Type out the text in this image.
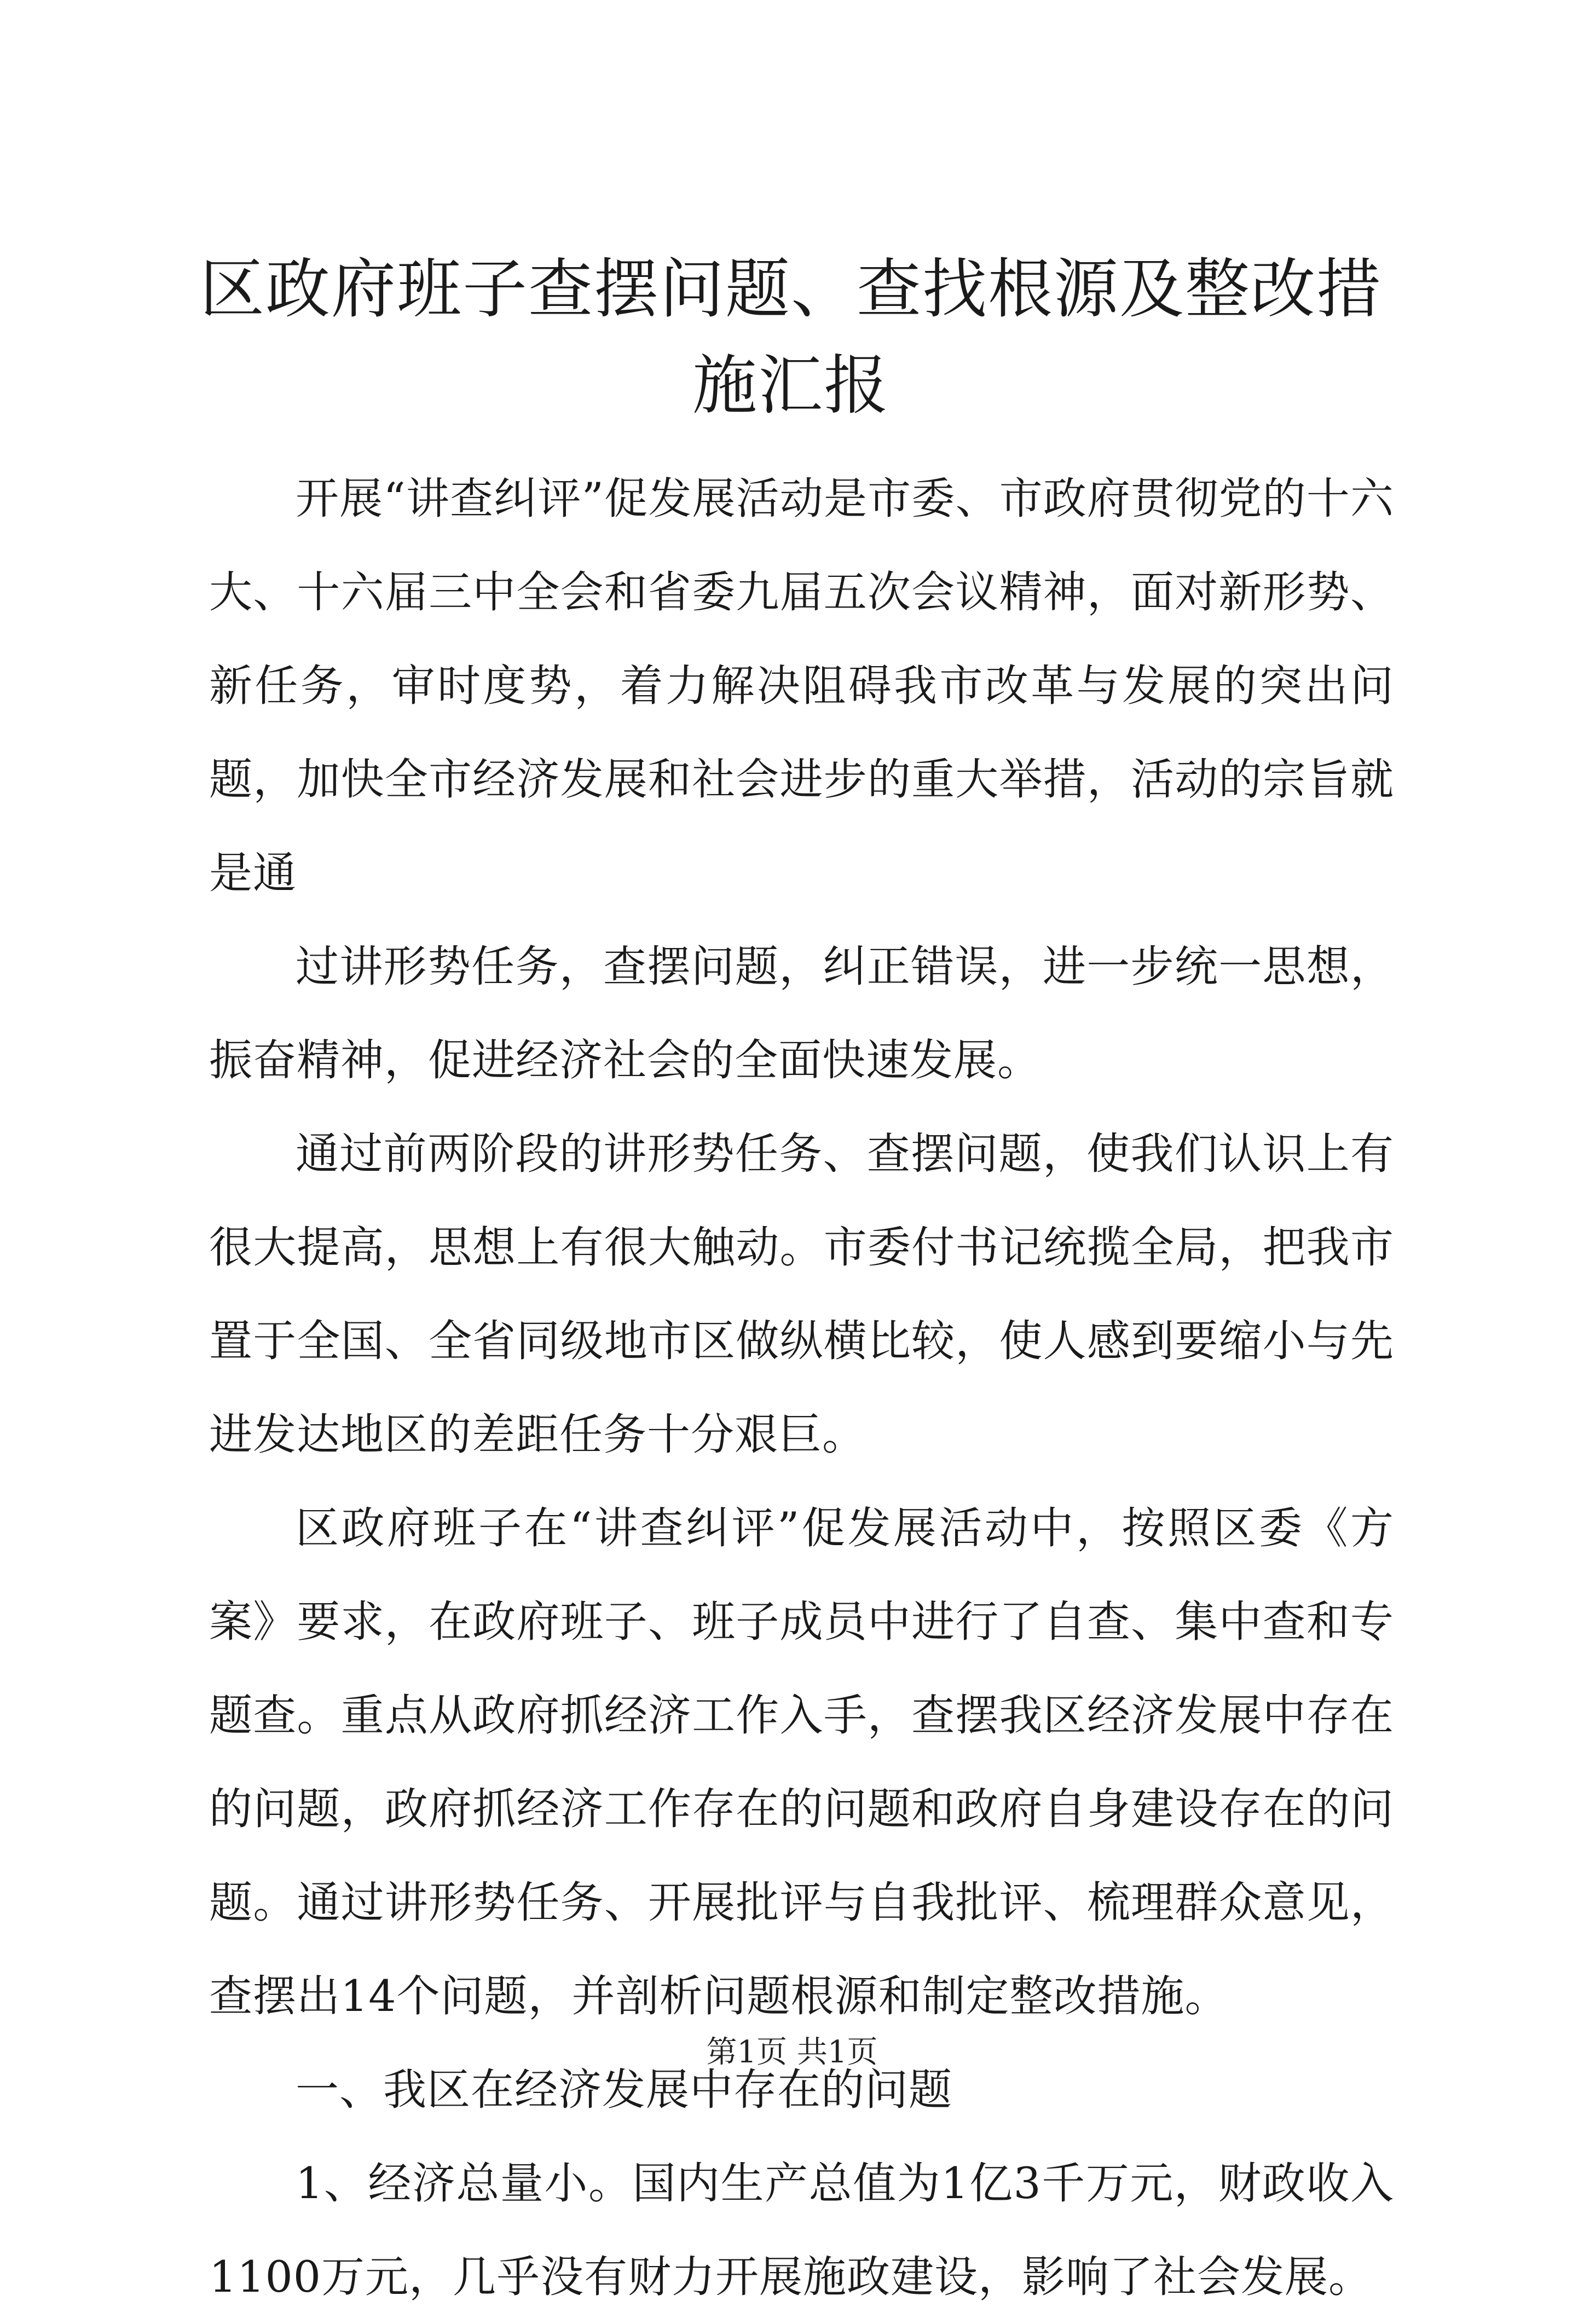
区政府班子查摆问题、查找根源及整改措施汇报

开展“讲查纠评”促发展活动是市委、市政府贯彻党的十六大、十六届三中全会和省委九届五次会议精神，面对新形势、新任务，审时度势，着力解决阻碍我市改革与发展的突出问题，加快全市经济发展和社会进步的重大举措，活动的宗旨就是通

过讲形势任务，查摆问题，纠正错误，进一步统一思想，振奋精神，促进经济社会的全面快速发展。

通过前两阶段的讲形势任务、查摆问题，使我们认识上有很大提高，思想上有很大触动。市委付书记统揽全局，把我市置于全国、全省同级地市区做纵横比较，使人感到要缩小与先进发达地区的差距任务十分艰巨。

区政府班子在“讲查纠评”促发展活动中，按照区委《方案》要求，在政府班子、班子成员中进行了自查、集中查和专题查。重点从政府抓经济工作入手，查摆我区经济发展中存在的问题，政府抓经济工作存在的问题和政府自身建设存在的问题。通过讲形势任务、开展批评与自我批评、梳理群众意见，查摆出14个问题，并剖析问题根源和制定整改措施。

一、我区在经济发展中存在的问题

1、经济总量小。国内生产总值为1亿3千万元，财政收入1100万元，几乎没有财力开展施政建设，影响了社会发展。

第1页 共1页
